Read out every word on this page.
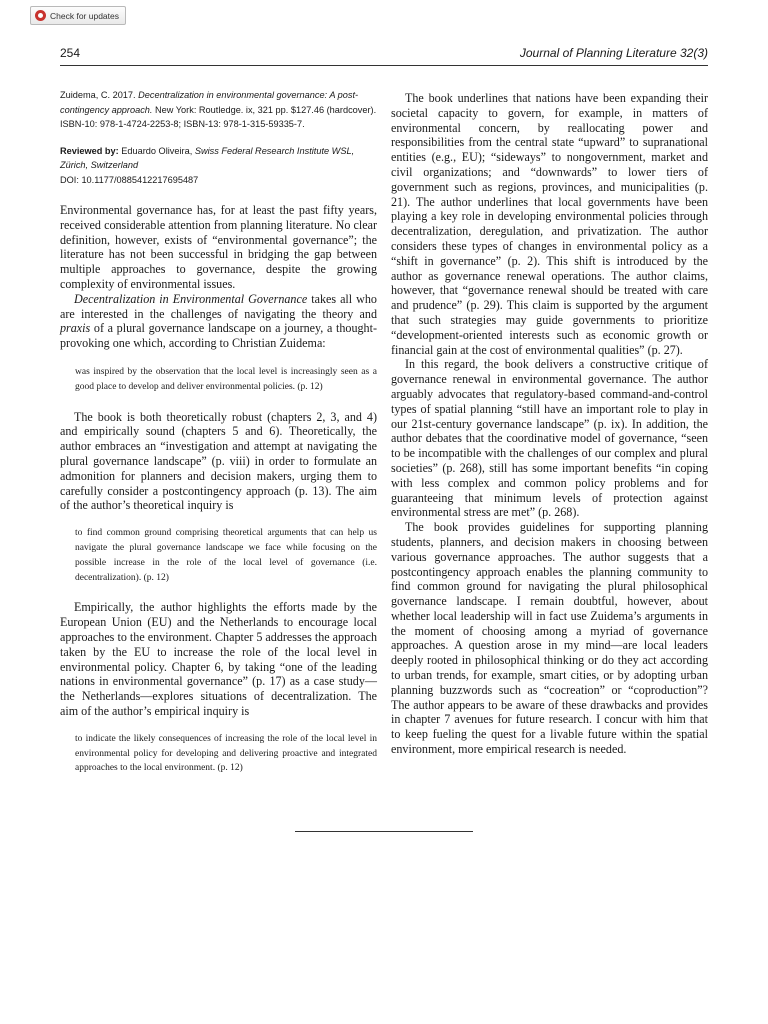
Check for updates
254	Journal of Planning Literature 32(3)

Zuidema, C. 2017. Decentralization in environmental governance: A post-contingency approach. New York: Routledge. ix, 321 pp. $127.46 (hardcover). ISBN-10: 978-1-4724-2253-8; ISBN-13: 978-1-315-59335-7.

Reviewed by: Eduardo Oliveira, Swiss Federal Research Institute WSL, Zürich, Switzerland

DOI: 10.1177/0885412217695487

Environmental governance has, for at least the past fifty years, received considerable attention from planning literature. No clear definition, however, exists of “environmental governance”; the literature has not been successful in bridging the gap between multiple approaches to governance, despite the growing complexity of environmental issues.

Decentralization in Environmental Governance takes all who are interested in the challenges of navigating the theory and praxis of a plural governance landscape on a journey, a thought-provoking one which, according to Christian Zuidema:

was inspired by the observation that the local level is increasingly seen as a good place to develop and deliver environmental policies. (p. 12)

The book is both theoretically robust (chapters 2, 3, and 4) and empirically sound (chapters 5 and 6). Theoretically, the author embraces an “investigation and attempt at navigating the plural governance landscape” (p. viii) in order to formulate an admonition for planners and decision makers, urging them to carefully consider a postcontingency approach (p. 13). The aim of the author’s theoretical inquiry is

to find common ground comprising theoretical arguments that can help us navigate the plural governance landscape we face while focusing on the possible increase in the role of the local level of governance (i.e. decentralization). (p. 12)

Empirically, the author highlights the efforts made by the European Union (EU) and the Netherlands to encourage local approaches to the environment. Chapter 5 addresses the approach taken by the EU to increase the role of the local level in environmental policy. Chapter 6, by taking “one of the leading nations in environmental governance” (p. 17) as a case study—the Netherlands—explores situations of decentralization. The aim of the author’s empirical inquiry is

to indicate the likely consequences of increasing the role of the local level in environmental policy for developing and delivering proactive and integrated approaches to the local environment. (p. 12)

The book underlines that nations have been expanding their societal capacity to govern, for example, in matters of environmental concern, by reallocating power and responsibilities from the central state “upward” to supranational entities (e.g., EU); “sideways” to nongovernment, market and civil organizations; and “downwards” to lower tiers of government such as regions, provinces, and municipalities (p. 21). The author underlines that local governments have been playing a key role in developing environmental policies through decentralization, deregulation, and privatization. The author considers these types of changes in environmental policy as a “shift in governance” (p. 2). This shift is introduced by the author as governance renewal operations. The author claims, however, that “governance renewal should be treated with care and prudence” (p. 29). This claim is supported by the argument that such strategies may guide governments to prioritize “development-oriented interests such as economic growth or financial gain at the cost of environmental qualities” (p. 27).

In this regard, the book delivers a constructive critique of governance renewal in environmental governance. The author arguably advocates that regulatory-based command-and-control types of spatial planning “still have an important role to play in our 21st-century governance landscape” (p. ix). In addition, the author debates that the coordinative model of governance, “seen to be incompatible with the challenges of our complex and plural societies” (p. 268), still has some important benefits “in coping with less complex and common policy problems and for guaranteeing that minimum levels of protection against environmental stress are met” (p. 268).

The book provides guidelines for supporting planning students, planners, and decision makers in choosing between various governance approaches. The author suggests that a postcontingency approach enables the planning community to find common ground for navigating the plural philosophical governance landscape. I remain doubtful, however, about whether local leadership will in fact use Zuidema’s arguments in the moment of choosing among a myriad of governance approaches. A question arose in my mind—are local leaders deeply rooted in philosophical thinking or do they act according to urban trends, for example, smart cities, or by adopting urban planning buzzwords such as “cocreation” or “coproduction”? The author appears to be aware of these drawbacks and provides in chapter 7 avenues for future research. I concur with him that to keep fueling the quest for a livable future within the spatial environment, more empirical research is needed.
